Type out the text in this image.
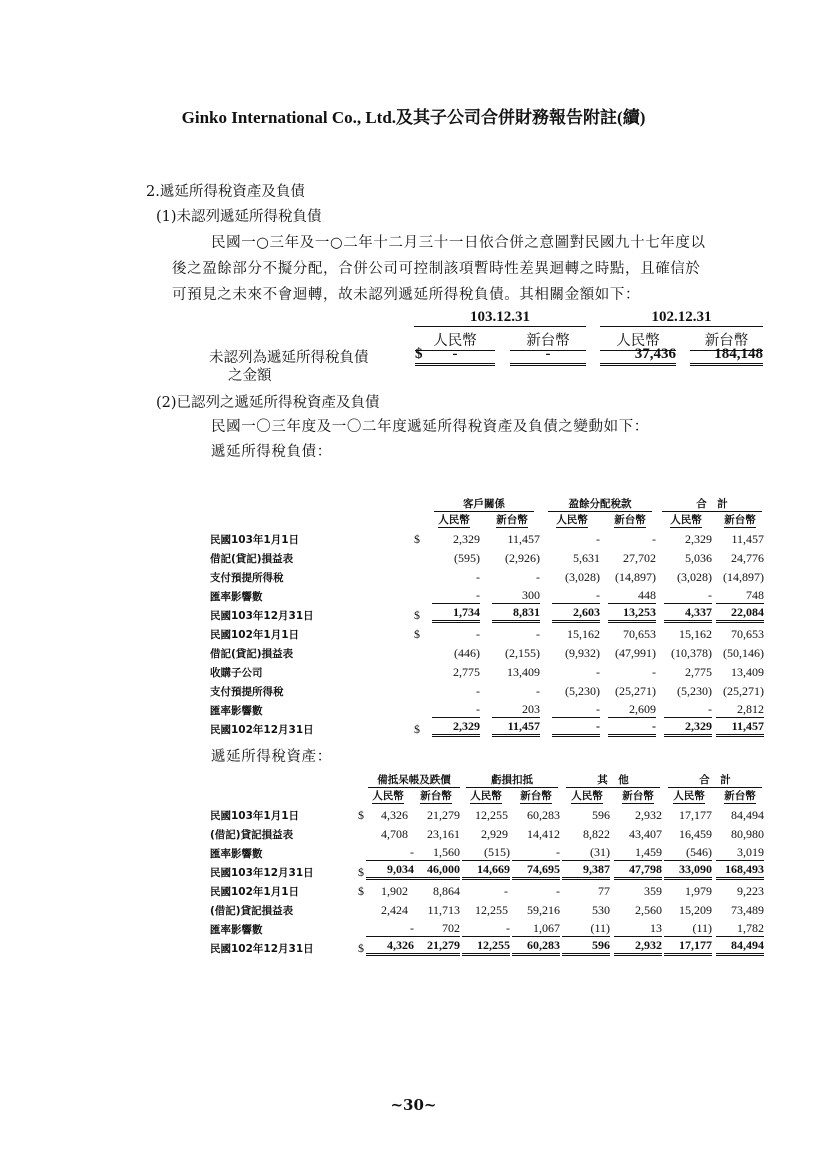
Ginko International Co., Ltd.及其子公司合併財務報告附註(續)
2.遞延所得稅資產及負債
(1)未認列遞延所得稅負債
民國一○三年及一○二年十二月三十一日依合併之意圖對民國九十七年度以
後之盈餘部分不擬分配，合併公司可控制該項暫時性差異迴轉之時點，且確信於
可預見之未來不會迴轉，故未認列遞延所得稅負債。其相關金額如下：
103.12.31	102.12.31
人民幣	新台幣	人民幣	新台幣
未認列為遞延所得稅負債
之金額
$	-	-	37,436	184,148
(2)已認列之遞延所得稅資產及負債
民國一〇三年度及一〇二年度遞延所得稅資產及負債之變動如下：
遞延所得稅負債：
		客戶關係		盈餘分配稅款		合　計	
		人民幣	新台幣	人民幣	新台幣	人民幣	新台幣
民國103年1月1日	$	2,329	11,457	-	-	2,329	11,457
借記(貸記)損益表		(595)	(2,926)	5,631	27,702	5,036	24,776
支付預提所得稅		-	-	(3,028)	(14,897)	(3,028)	(14,897)
匯率影響數		-	300	-	448	-	748
民國103年12月31日	$	1,734	8,831	2,603	13,253	4,337	22,084
民國102年1月1日	$	-	-	15,162	70,653	15,162	70,653
借記(貸記)損益表		(446)	(2,155)	(9,932)	(47,991)	(10,378)	(50,146)
收購子公司		2,775	13,409	-	-	2,775	13,409
支付預提所得稅		-	-	(5,230)	(25,271)	(5,230)	(25,271)
匯率影響數		-	203	-	2,609	-	2,812
民國102年12月31日	$	2,329	11,457	-	-	2,329	11,457
遞延所得稅資產：
		備抵呆帳及跌價		虧損扣抵		其　他		合　計	
		人民幣	新台幣	人民幣	新台幣	人民幣	新台幣	人民幣	新台幣
民國103年1月1日	$	4,326	21,279	12,255	60,283	596	2,932	17,177	84,494
(借記)貸記損益表		4,708	23,161	2,929	14,412	8,822	43,407	16,459	80,980
匯率影響數		-	1,560	(515)	-	(31)	1,459	(546)	3,019
民國103年12月31日	$	9,034	46,000	14,669	74,695	9,387	47,798	33,090	168,493
民國102年1月1日	$	1,902	8,864	-	-	77	359	1,979	9,223
(借記)貸記損益表		2,424	11,713	12,255	59,216	530	2,560	15,209	73,489
匯率影響數		-	702	-	1,067	(11)	13	(11)	1,782
民國102年12月31日	$	4,326	21,279	12,255	60,283	596	2,932	17,177	84,494
~30~
